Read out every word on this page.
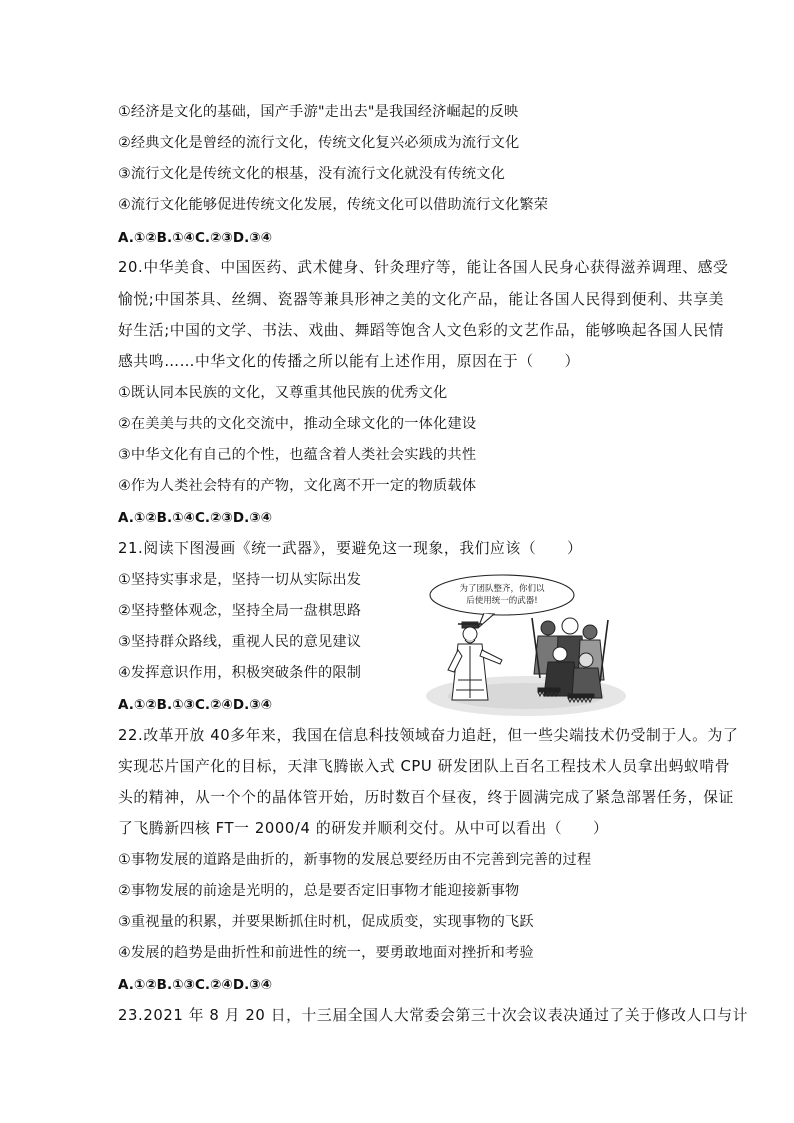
①经济是文化的基础，国产手游"走出去"是我国经济崛起的反映
②经典文化是曾经的流行文化，传统文化复兴必须成为流行文化
③流行文化是传统文化的根基，没有流行文化就没有传统文化
④流行文化能够促进传统文化发展，传统文化可以借助流行文化繁荣
A.①②B.①④C.②③D.③④
20.中华美食、中国医药、武术健身、针灸理疗等，能让各国人民身心获得滋养调理、感受
愉悦;中国茶具、丝绸、瓷器等兼具形神之美的文化产品，能让各国人民得到便利、共享美
好生活;中国的文学、书法、戏曲、舞蹈等饱含人文色彩的文艺作品，能够唤起各国人民情
感共鸣……中华文化的传播之所以能有上述作用，原因在于（　　）
①既认同本民族的文化，又尊重其他民族的优秀文化
②在美美与共的文化交流中，推动全球文化的一体化建设
③中华文化有自己的个性，也蕴含着人类社会实践的共性
④作为人类社会特有的产物，文化离不开一定的物质载体
A.①②B.①④C.②③D.③④
21.阅读下图漫画《统一武器》，要避免这一现象，我们应该（　　）
①坚持实事求是，坚持一切从实际出发
②坚持整体观念，坚持全局一盘棋思路
③坚持群众路线，重视人民的意见建议
④发挥意识作用，积极突破条件的限制
A.①②B.①③C.②④D.③④
为了团队整齐，你们以
后使用统一的武器!
22.改革开放 40多年来，我国在信息科技领域奋力追赶，但一些尖端技术仍受制于人。为了
实现芯片国产化的目标，天津飞腾嵌入式 CPU 研发团队上百名工程技术人员拿出蚂蚁啃骨
头的精神，从一个个的晶体管开始，历时数百个昼夜，终于圆满完成了紧急部署任务，保证
了飞腾新四核 FT一 2000/4 的研发并顺利交付。从中可以看出（　　）
①事物发展的道路是曲折的，新事物的发展总要经历由不完善到完善的过程
②事物发展的前途是光明的，总是要否定旧事物才能迎接新事物
③重视量的积累，并要果断抓住时机，促成质变，实现事物的飞跃
④发展的趋势是曲折性和前进性的统一，要勇敢地面对挫折和考验
A.①②B.①③C.②④D.③④
23.2021 年 8 月 20 日，十三届全国人大常委会第三十次会议表决通过了关于修改人口与计
